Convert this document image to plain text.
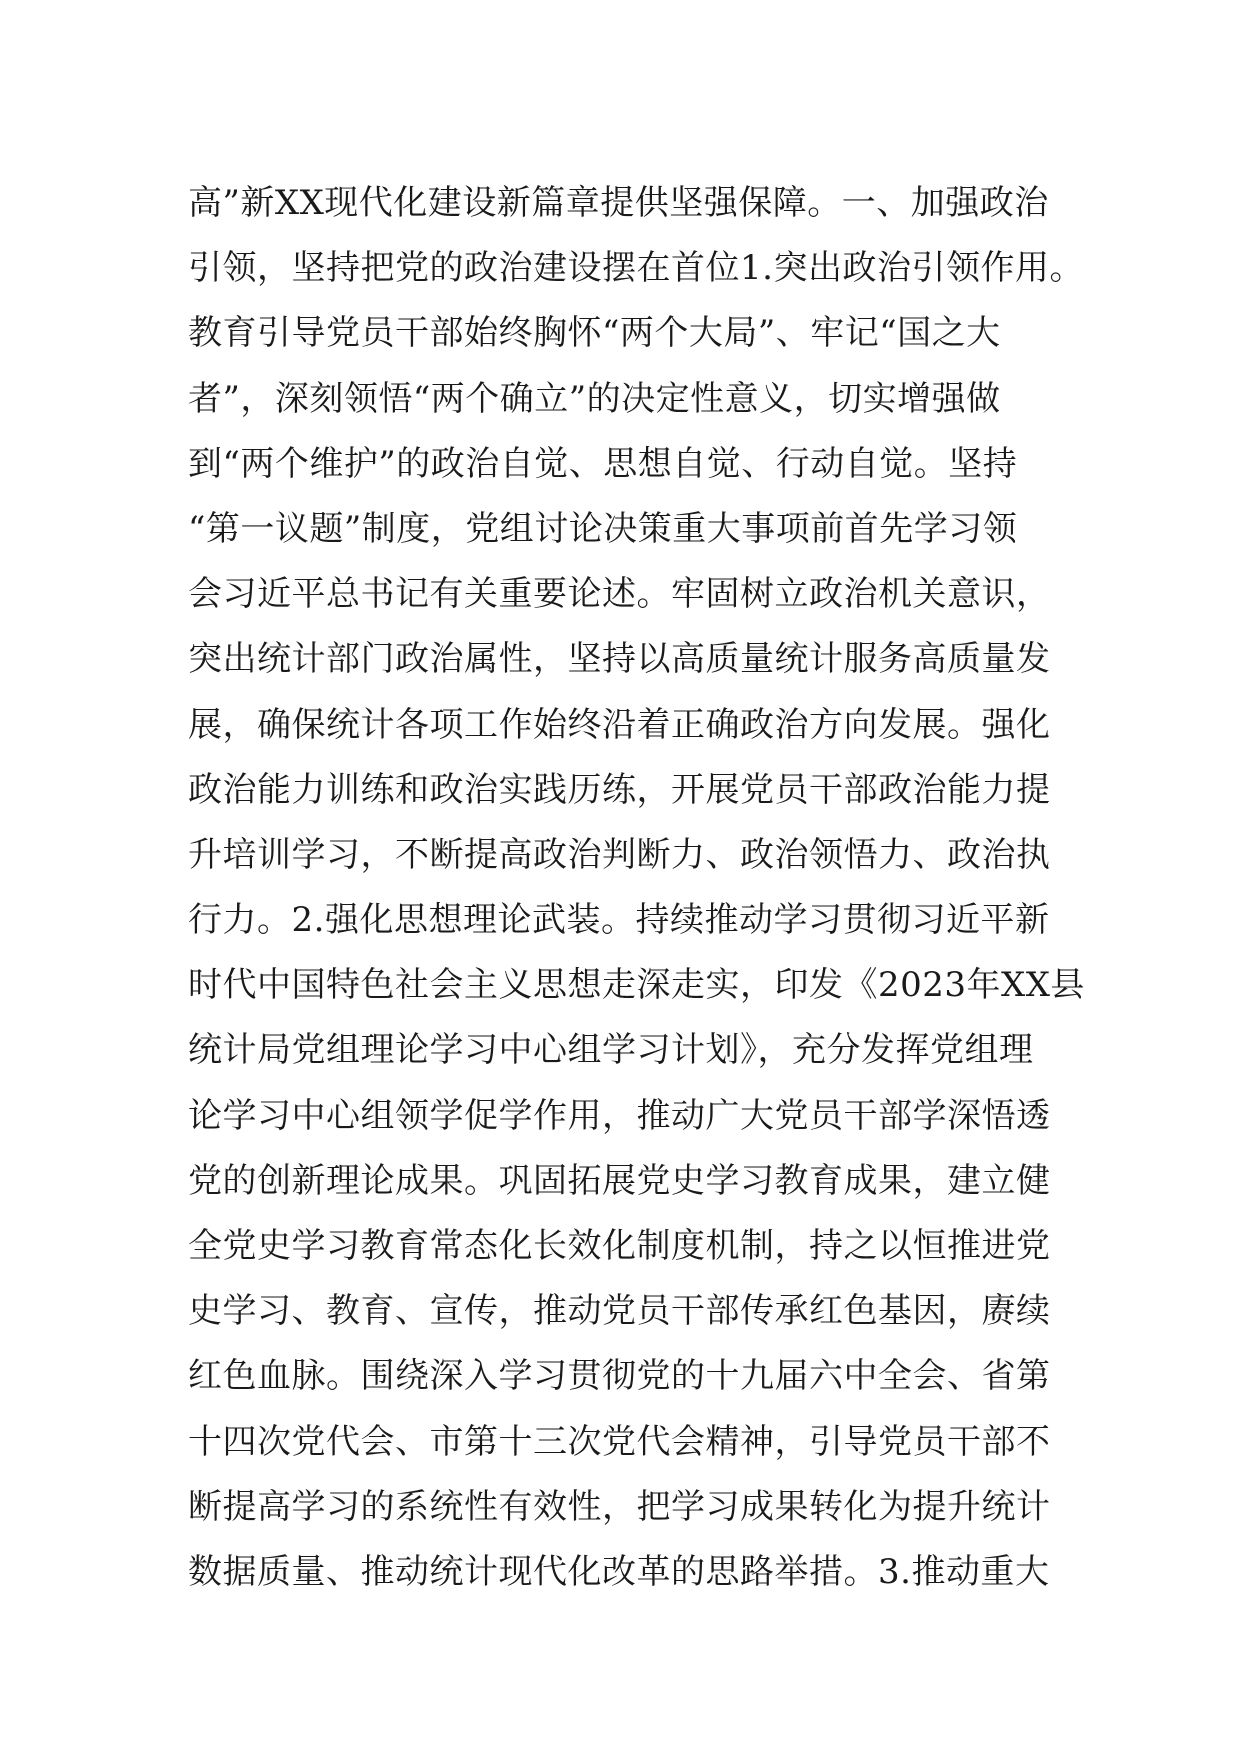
高”新XX现代化建设新篇章提供坚强保障。一、加强政治
引领，坚持把党的政治建设摆在首位1.突出政治引领作用。
教育引导党员干部始终胸怀“两个大局”、牢记“国之大
者”，深刻领悟“两个确立”的决定性意义，切实增强做
到“两个维护”的政治自觉、思想自觉、行动自觉。坚持
“第一议题”制度，党组讨论决策重大事项前首先学习领
会习近平总书记有关重要论述。牢固树立政治机关意识，
突出统计部门政治属性，坚持以高质量统计服务高质量发
展，确保统计各项工作始终沿着正确政治方向发展。强化
政治能力训练和政治实践历练，开展党员干部政治能力提
升培训学习，不断提高政治判断力、政治领悟力、政治执
行力。2.强化思想理论武装。持续推动学习贯彻习近平新
时代中国特色社会主义思想走深走实，印发《2023年XX县
统计局党组理论学习中心组学习计划》，充分发挥党组理
论学习中心组领学促学作用，推动广大党员干部学深悟透
党的创新理论成果。巩固拓展党史学习教育成果，建立健
全党史学习教育常态化长效化制度机制，持之以恒推进党
史学习、教育、宣传，推动党员干部传承红色基因，赓续
红色血脉。围绕深入学习贯彻党的十九届六中全会、省第
十四次党代会、市第十三次党代会精神，引导党员干部不
断提高学习的系统性有效性，把学习成果转化为提升统计
数据质量、推动统计现代化改革的思路举措。3.推动重大
